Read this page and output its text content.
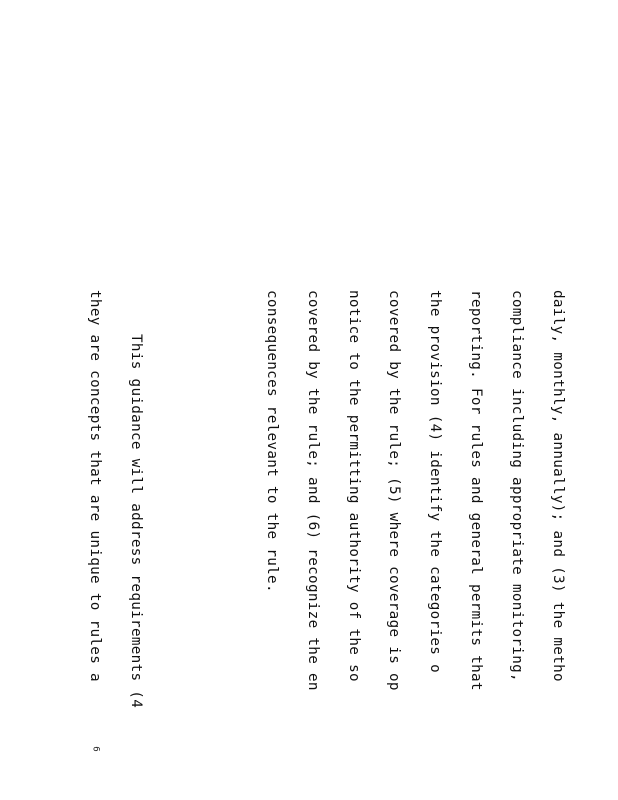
daily, monthly, annually); and (3) the metho

compliance including appropriate monitoring,

reporting. For rules and general permits that

the provision (4) identify the categories o

covered by the rule; (5) where coverage is op

notice to the permitting authority of the so

covered by the rule; and (6) recognize the en

consequences relevant to the rule.

This guidance will address requirements (4

they are concepts that are unique to rules a

6
